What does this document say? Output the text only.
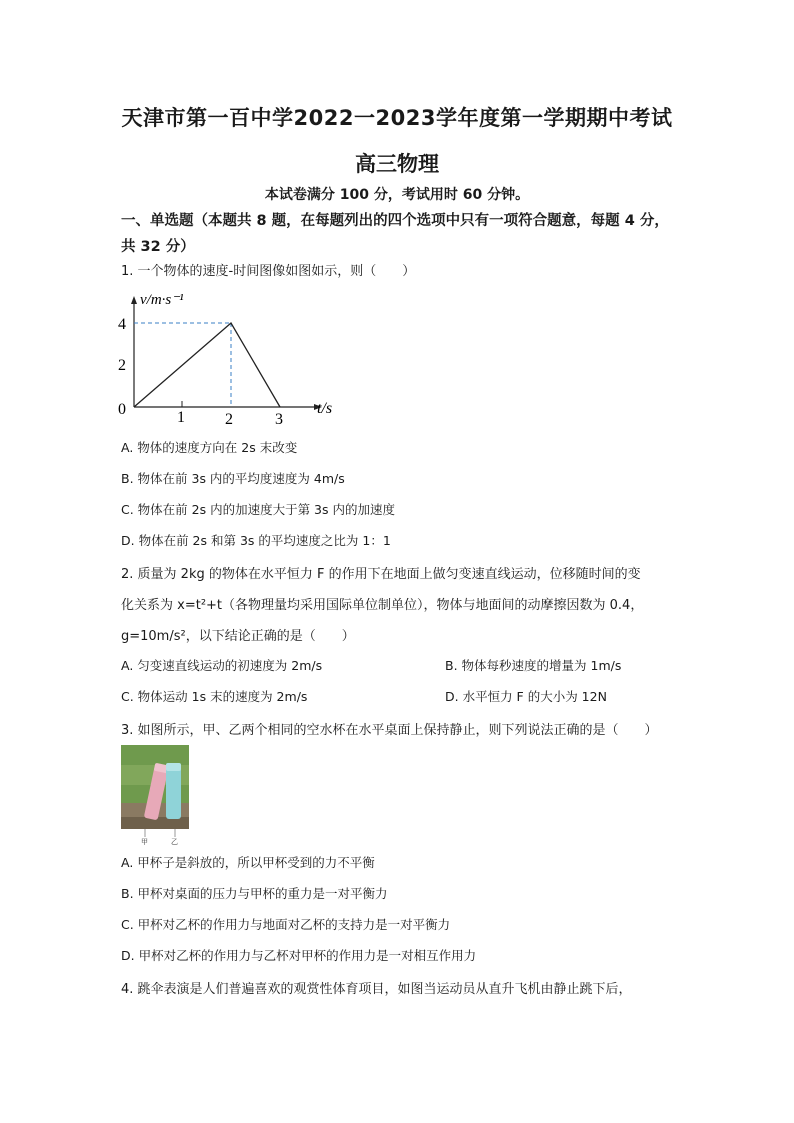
天津市第一百中学2022一2023学年度第一学期期中考试
高三物理
本试卷满分 100 分，考试用时 60 分钟。
一、单选题（本题共 8 题，在每题列出的四个选项中只有一项符合题意，每题 4 分，共 32 分）
1. 一个物体的速度-时间图像如图如示，则（　　）
v/m·s⁻¹
4
2
0	1	2	3
t/s
A. 物体的速度方向在 2s 末改变
B. 物体在前 3s 内的平均度速度为 4m/s
C. 物体在前 2s 内的加速度大于第 3s 内的加速度
D. 物体在前 2s 和第 3s 的平均速度之比为 1：1
2. 质量为 2kg 的物体在水平恒力 F 的作用下在地面上做匀变速直线运动，位移随时间的变
化关系为 x=t²+t（各物理量均采用国际单位制单位），物体与地面间的动摩擦因数为 0.4，
g=10m/s²，以下结论正确的是（　　）
A. 匀变速直线运动的初速度为 2m/s	B. 物体每秒速度的增量为 1m/s
C. 物体运动 1s 末的速度为 2m/s	D. 水平恒力 F 的大小为 12N
3. 如图所示，甲、乙两个相同的空水杯在水平桌面上保持静止，则下列说法正确的是（　　）
甲	乙
A. 甲杯子是斜放的，所以甲杯受到的力不平衡
B. 甲杯对桌面的压力与甲杯的重力是一对平衡力
C. 甲杯对乙杯的作用力与地面对乙杯的支持力是一对平衡力
D. 甲杯对乙杯的作用力与乙杯对甲杯的作用力是一对相互作用力
4. 跳伞表演是人们普遍喜欢的观赏性体育项目，如图当运动员从直升飞机由静止跳下后，
